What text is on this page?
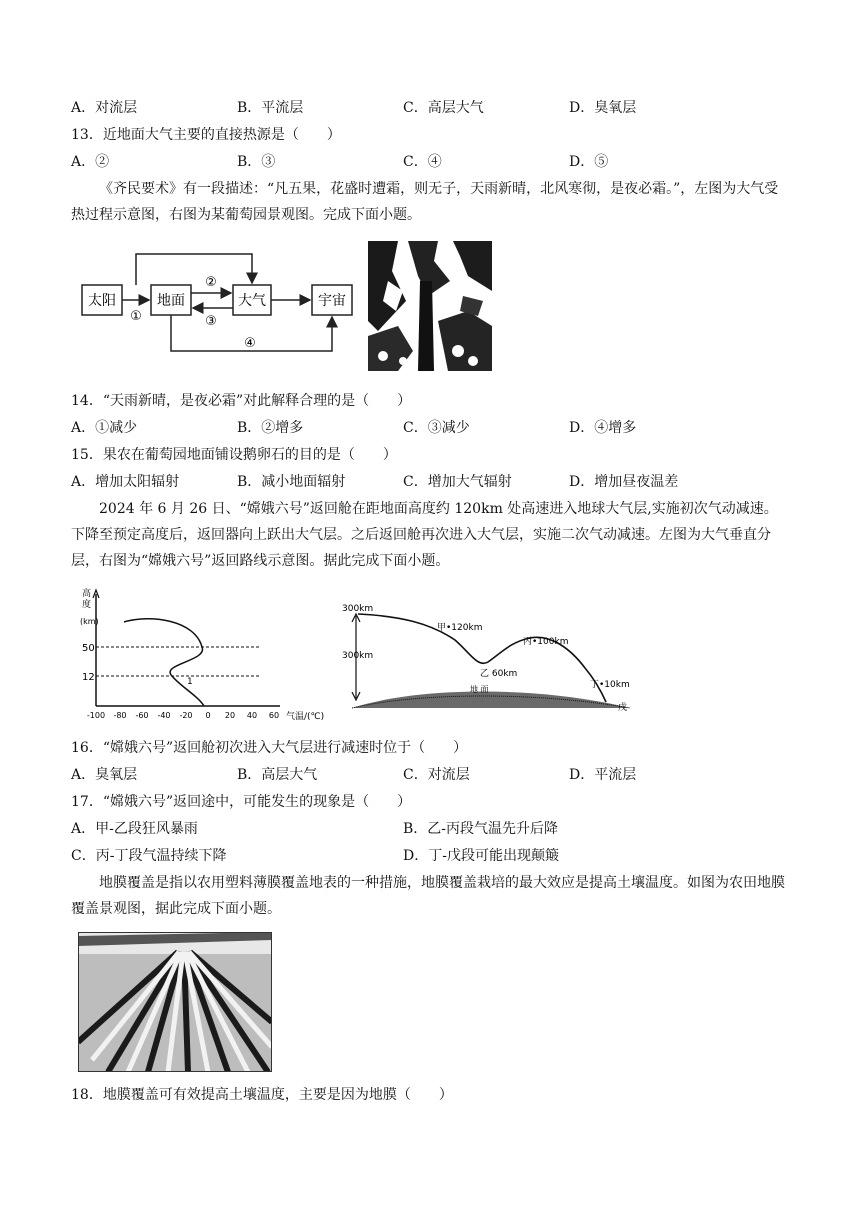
A．对流层	B．平流层	C．高层大气	D．臭氧层
13．近地面大气主要的直接热源是（　　）
A．②	B．③	C．④	D．⑤
《齐民要术》有一段描述：“凡五果，花盛时遭霜，则无子，天雨新晴，北风寒彻，是夜必霜。”，左图为大气受热过程示意图，右图为某葡萄园景观图。完成下面小题。
太阳	地面	大气	宇宙
①
②
③
④
14．“天雨新晴，是夜必霜”对此解释合理的是（　　）
A．①减少	B．②增多	C．③减少	D．④增多
15．果农在葡萄园地面铺设鹅卵石的目的是（　　）
A．增加太阳辐射	B．减小地面辐射	C．增加大气辐射	D．增加昼夜温差
2024 年 6 月 26 日、“嫦娥六号”返回舱在距地面高度约 120km 处高速进入地球大气层,实施初次气动减速。下降至预定高度后，返回器向上跃出大气层。之后返回舱再次进入大气层，实施二次气动减速。左图为大气垂直分层，右图为“嫦娥六号”返回路线示意图。据此完成下面小题。
高
度
(km)
50
12	1
-100 -80 -60 -40 -20 0 20 40 60 气温/(℃)
300km
300km
甲•120km
乙 60km
丙•100km
丁•10km
地 面
戊
16．“嫦娥六号”返回舱初次进入大气层进行减速时位于（　　）
A．臭氧层	B．高层大气	C．对流层	D．平流层
17．“嫦娥六号”返回途中，可能发生的现象是（　　）
A．甲-乙段狂风暴雨	B．乙-丙段气温先升后降
C．丙-丁段气温持续下降	D．丁-戊段可能出现颠簸
地膜覆盖是指以农用塑料薄膜覆盖地表的一种措施，地膜覆盖栽培的最大效应是提高土壤温度。如图为农田地膜覆盖景观图，据此完成下面小题。
18．地膜覆盖可有效提高土壤温度，主要是因为地膜（　　）
